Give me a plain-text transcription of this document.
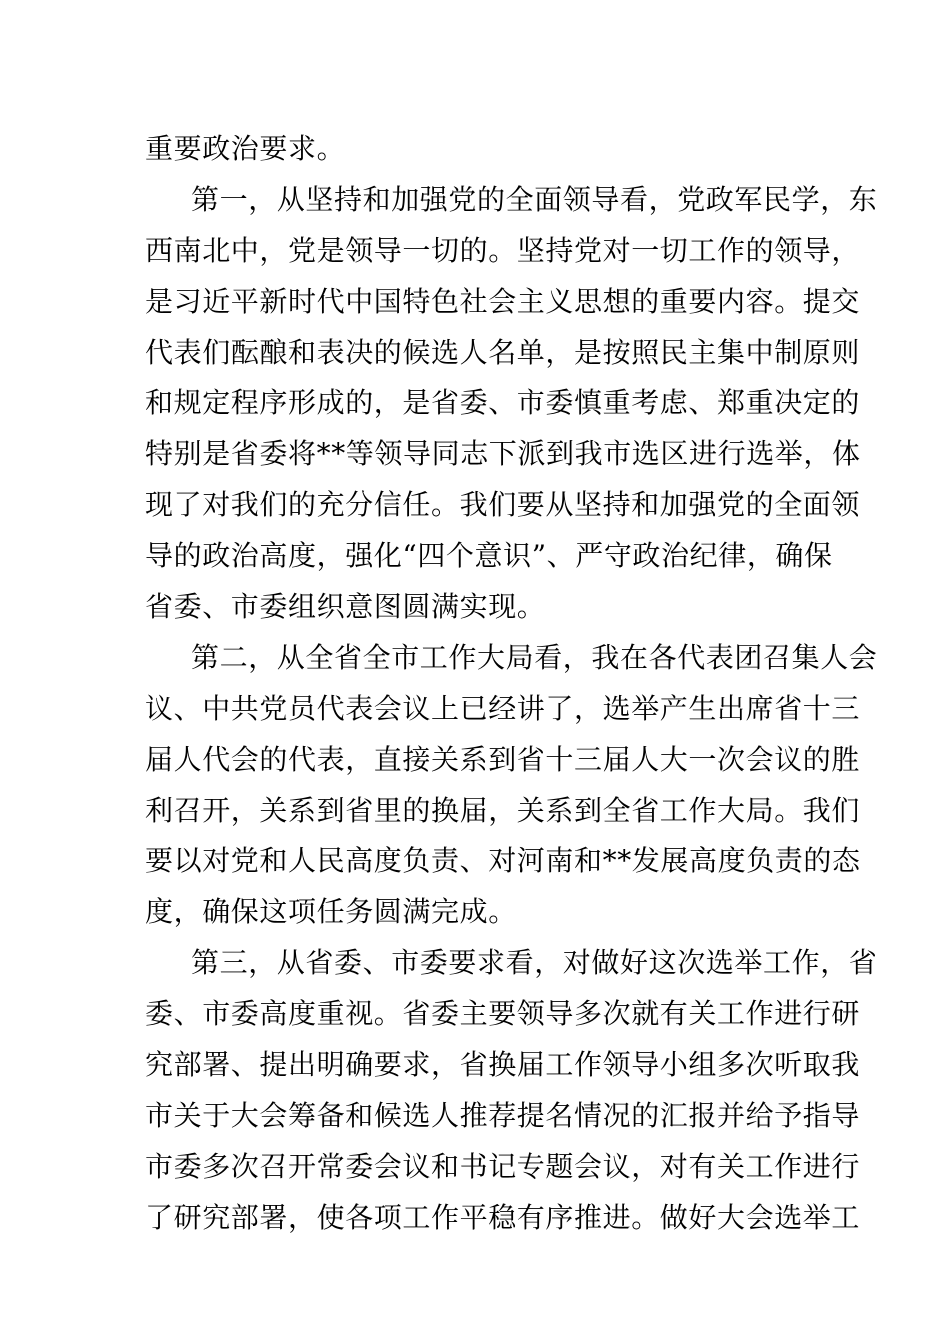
重要政治要求。
第一，从坚持和加强党的全面领导看，党政军民学，东
西南北中，党是领导一切的。坚持党对一切工作的领导，
是习近平新时代中国特色社会主义思想的重要内容。提交
代表们酝酿和表决的候选人名单，是按照民主集中制原则
和规定程序形成的，是省委、市委慎重考虑、郑重决定的
特别是省委将**等领导同志下派到我市选区进行选举，体
现了对我们的充分信任。我们要从坚持和加强党的全面领
导的政治高度，强化“四个意识”、严守政治纪律，确保
省委、市委组织意图圆满实现。
第二，从全省全市工作大局看，我在各代表团召集人会
议、中共党员代表会议上已经讲了，选举产生出席省十三
届人代会的代表，直接关系到省十三届人大一次会议的胜
利召开，关系到省里的换届，关系到全省工作大局。我们
要以对党和人民高度负责、对河南和**发展高度负责的态
度，确保这项任务圆满完成。
第三，从省委、市委要求看，对做好这次选举工作，省
委、市委高度重视。省委主要领导多次就有关工作进行研
究部署、提出明确要求，省换届工作领导小组多次听取我
市关于大会筹备和候选人推荐提名情况的汇报并给予指导
市委多次召开常委会议和书记专题会议，对有关工作进行
了研究部署，使各项工作平稳有序推进。做好大会选举工
